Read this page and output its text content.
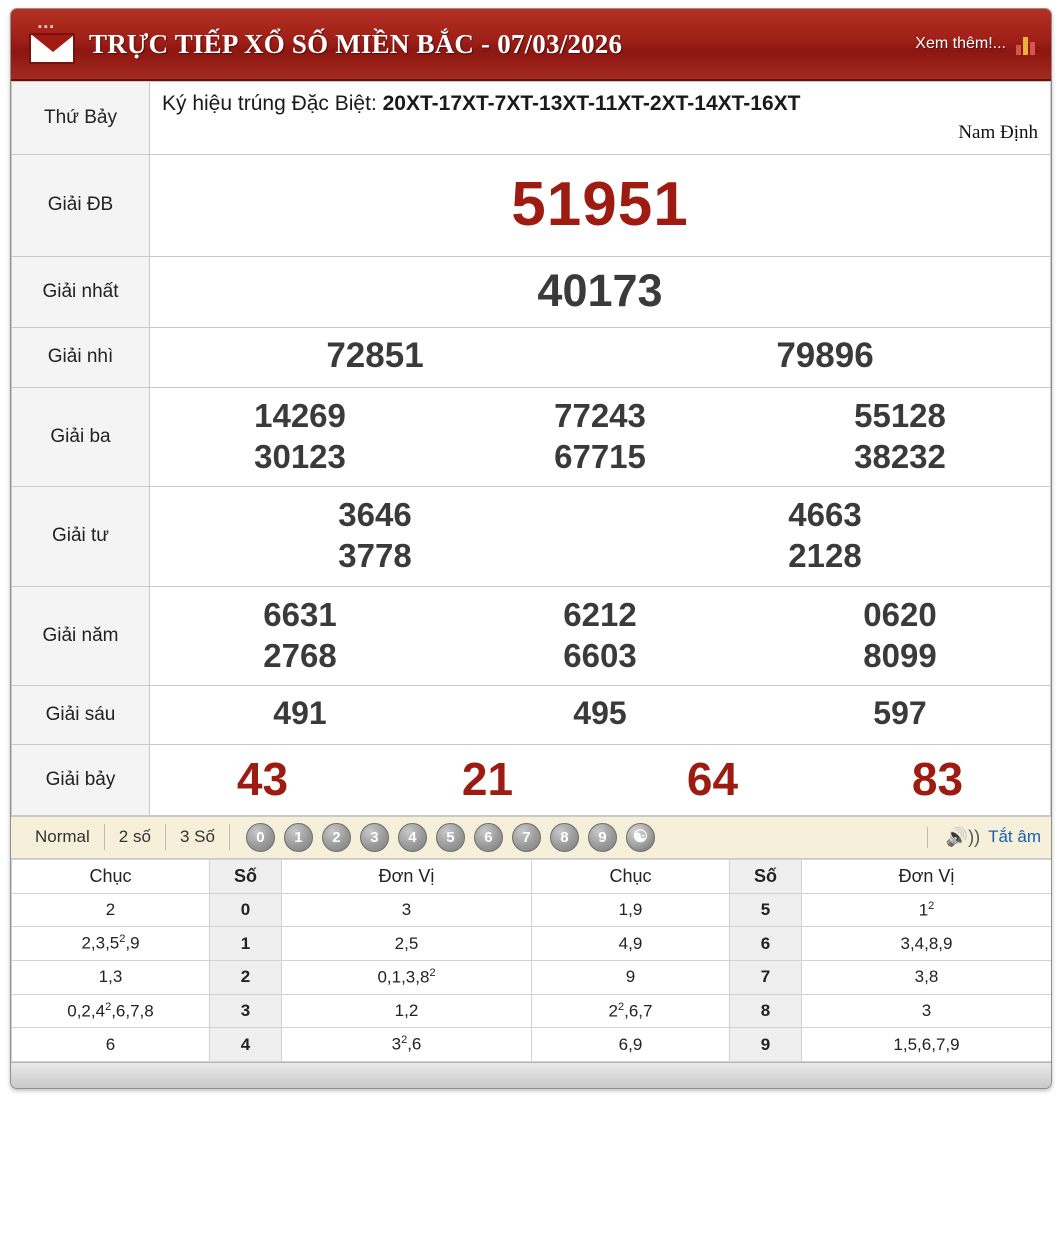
▪▪▪
TRỰC TIẾP XỔ SỐ MIỀN BẮC - 07/03/2026	Xem thêm!...
Thứ Bảy	Ký hiệu trúng Đặc Biệt: 20XT-17XT-7XT-13XT-11XT-2XT-14XT-16XT
Nam Định

Giải ĐB	51951
Giải nhất	40173
Giải nhì	72851 79896

Giải ba	
14269	77243	55128
30123	67715	38232

Giải tư	3646 4663
3778 2128

Giải năm	
6631	6212	0620
2768	6603	8099

Giải sáu	491 495 597

Giải bảy	43 21 64 83
Normal	2 số	3 Số	0	1	2	3	4	5	6	7	8	9	☯	🔊)) Tắt âm
Chục	Số	Đơn Vị	Chục	Số	Đơn Vị
2	0	3	1,9	5	$1^2$
2,3,5$^2$,9	1	2,5	4,9	6	3,4,8,9
1,3	2	0,1,3,8$^2$	9	7	3,8
0,2,4$^2$,6,7,8	3	1,2	$2^2,6,7$	8	3
6	4	$3^2,6$	6,9	9	1,5,6,7,9
